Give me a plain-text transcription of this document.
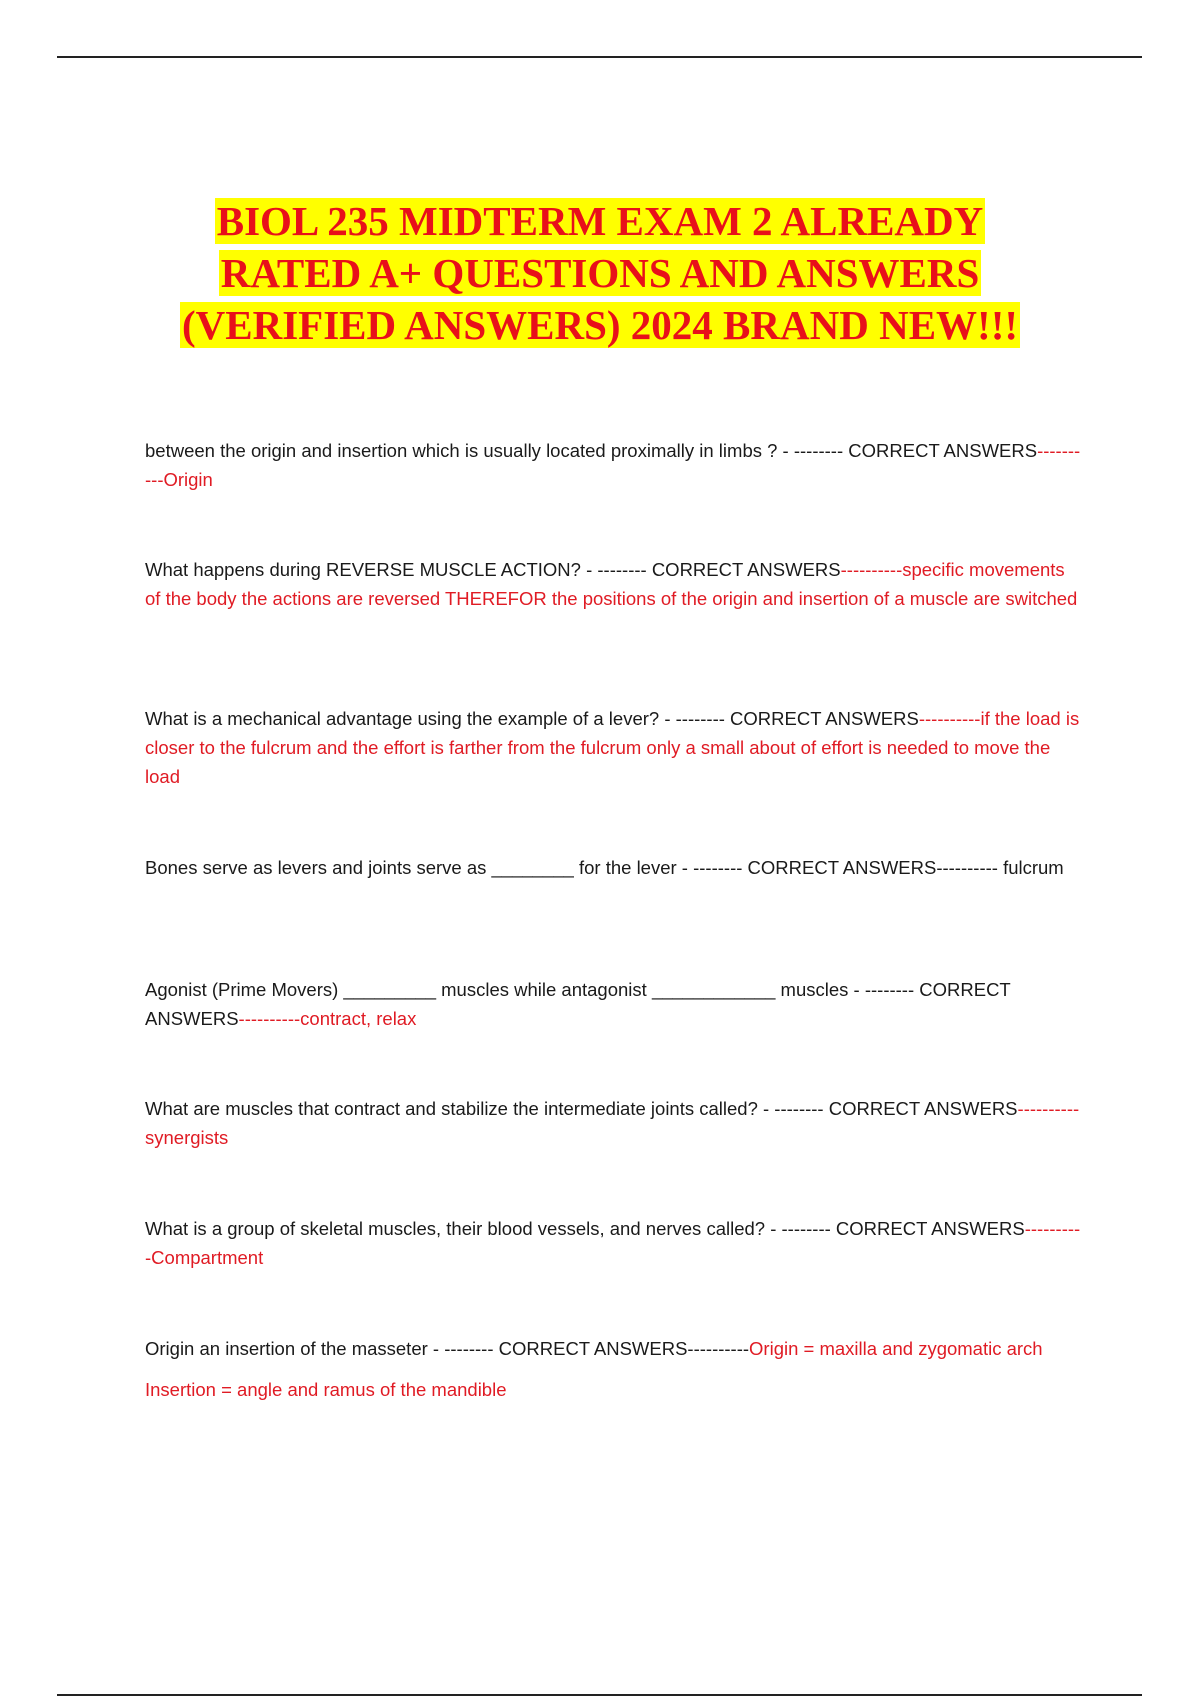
BIOL 235 MIDTERM EXAM 2 ALREADY
RATED A+ QUESTIONS AND ANSWERS
(VERIFIED ANSWERS) 2024 BRAND NEW!!!

between the origin and insertion which is usually located proximally in limbs ? - -------- CORRECT ANSWERS----------Origin

What happens during REVERSE MUSCLE ACTION? - -------- CORRECT ANSWERS----------specific movements of the body the actions are reversed THEREFOR the positions of the origin and insertion of a muscle are switched

What is a mechanical advantage using the example of a lever? - -------- CORRECT ANSWERS----------if the load is closer to the fulcrum and the effort is farther from the fulcrum only a small about of effort is needed to move the load

Bones serve as levers and joints serve as ________ for the lever - -------- CORRECT ANSWERS---------- fulcrum

Agonist (Prime Movers) _________ muscles while antagonist ____________ muscles - -------- CORRECT ANSWERS----------contract, relax

What are muscles that contract and stabilize the intermediate joints called? - -------- CORRECT ANSWERS----------synergists

What is a group of skeletal muscles, their blood vessels, and nerves called? - -------- CORRECT ANSWERS----------Compartment

Origin an insertion of the masseter - -------- CORRECT ANSWERS----------Origin = maxilla and zygomatic arch

Insertion = angle and ramus of the mandible
